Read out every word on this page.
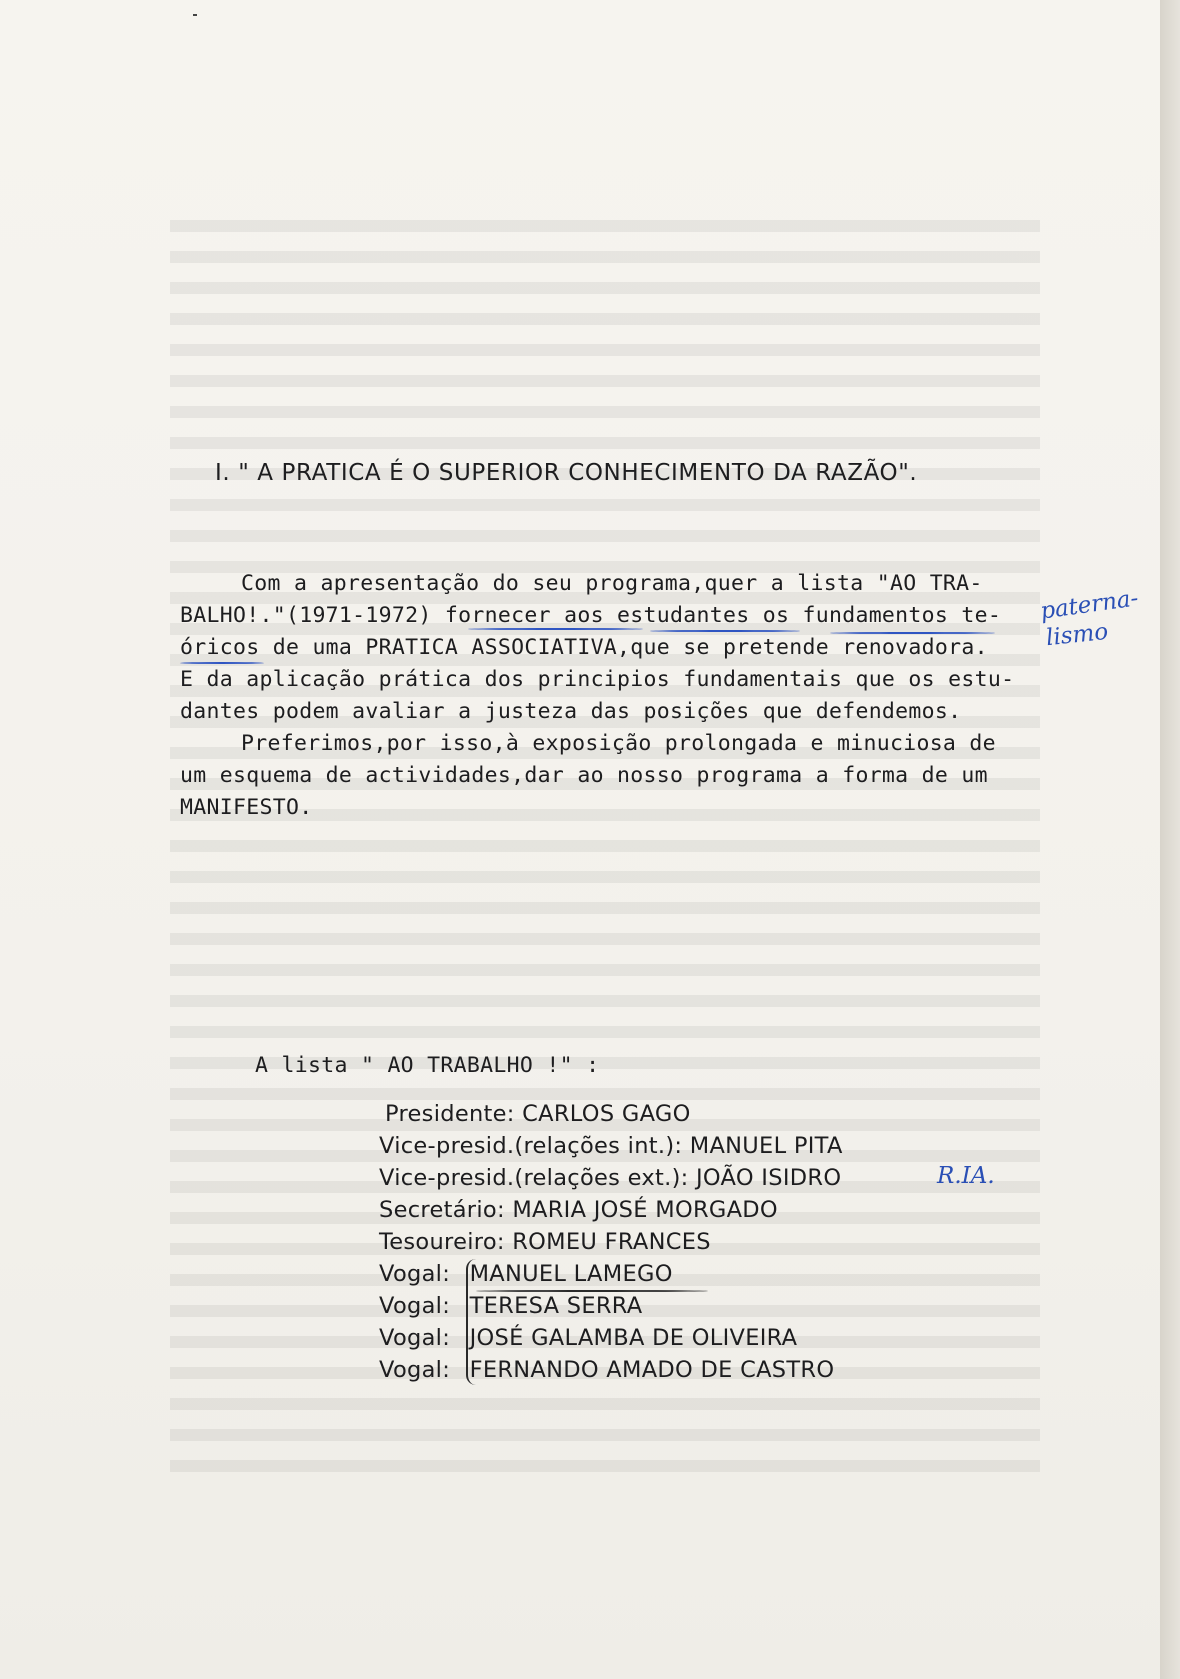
I. " A PRATICA É O SUPERIOR CONHECIMENTO DA RAZÃO".
Com a apresentação do seu programa,quer a lista "AO TRA-
BALHO!."(1971-1972) fornecer aos estudantes os fundamentos te-
óricos de uma PRATICA ASSOCIATIVA,que se pretende renovadora.
E da aplicação prática dos principios fundamentais que os estu-
dantes podem avaliar a justeza das posições que defendemos.
Preferimos,por isso,à exposição prolongada e minuciosa de
um esquema de actividades,dar ao nosso programa a forma de um
MANIFESTO.
paterna-
lismo
A lista " AO TRABALHO !" :
Presidente: CARLOS GAGO
Vice-presid.(relações int.): MANUEL PITA
Vice-presid.(relações ext.): JOÃO ISIDRO	R.IA.
Secretário: MARIA JOSÉ MORGADO
Tesoureiro: ROMEU FRANCES
Vogal: MANUEL LAMEGO
Vogal: TERESA SERRA
Vogal: JOSÉ GALAMBA DE OLIVEIRA
Vogal: FERNANDO AMADO DE CASTRO
